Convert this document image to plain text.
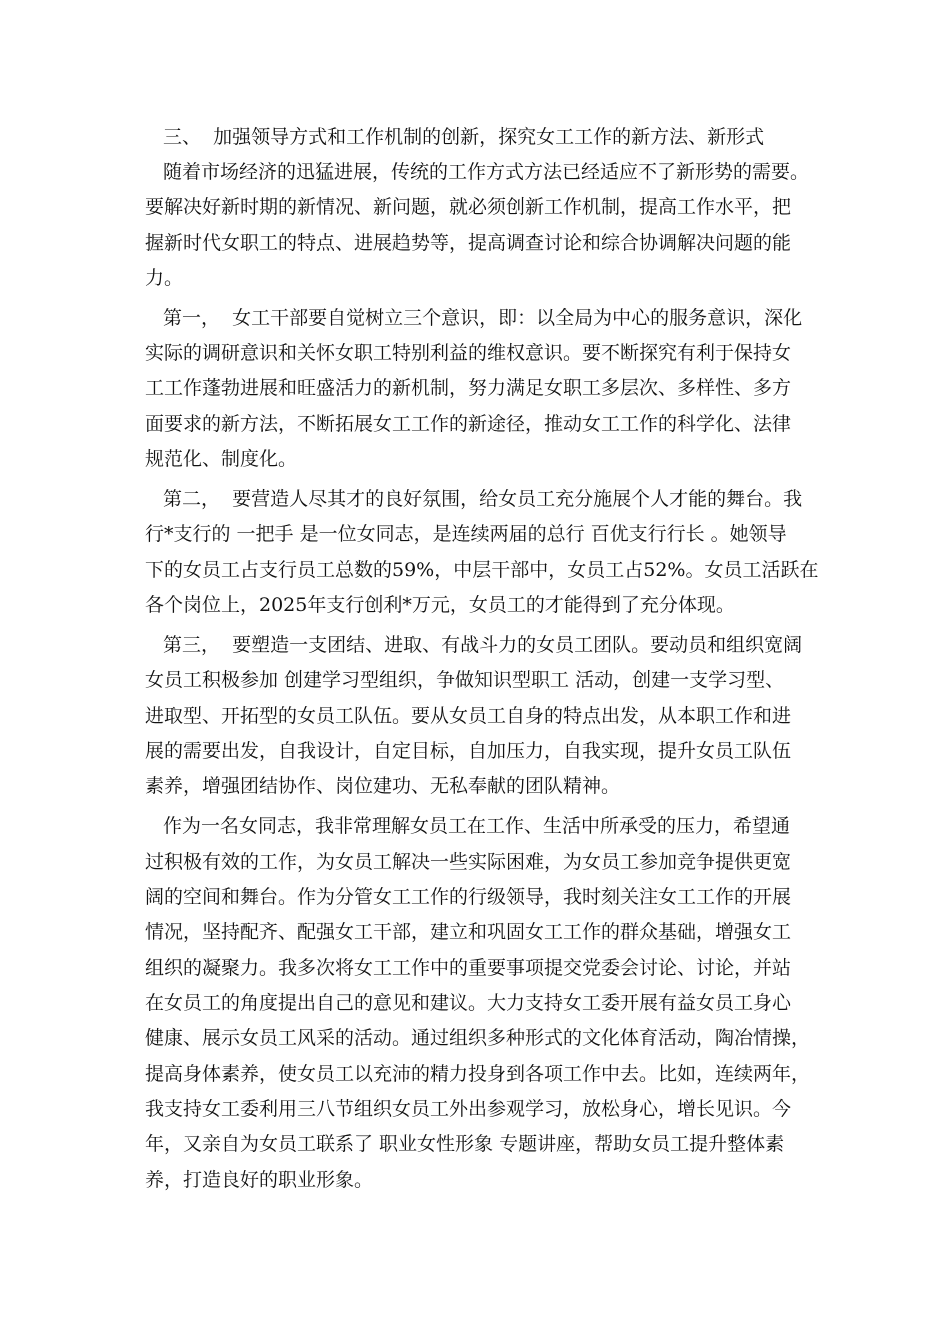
三、  加强领导方式和工作机制的创新，探究女工工作的新方法、新形式
随着市场经济的迅猛进展，传统的工作方式方法已经适应不了新形势的需要。
要解决好新时期的新情况、新问题，就必须创新工作机制，提高工作水平，把
握新时代女职工的特点、进展趋势等，提高调查讨论和综合协调解决问题的能
力。
第一，  女工干部要自觉树立三个意识，即：以全局为中心的服务意识，深化
实际的调研意识和关怀女职工特别利益的维权意识。要不断探究有利于保持女
工工作蓬勃进展和旺盛活力的新机制，努力满足女职工多层次、多样性、多方
面要求的新方法，不断拓展女工工作的新途径，推动女工工作的科学化、法律
规范化、制度化。
第二，  要营造人尽其才的良好氛围，给女员工充分施展个人才能的舞台。我
行*支行的 一把手 是一位女同志，是连续两届的总行 百优支行行长 。她领导
下的女员工占支行员工总数的59%，中层干部中，女员工占52%。女员工活跃在
各个岗位上，2025年支行创利*万元，女员工的才能得到了充分体现。
第三，  要塑造一支团结、进取、有战斗力的女员工团队。要动员和组织宽阔
女员工积极参加 创建学习型组织，争做知识型职工 活动，创建一支学习型、
进取型、开拓型的女员工队伍。要从女员工自身的特点出发，从本职工作和进
展的需要出发，自我设计，自定目标，自加压力，自我实现，提升女员工队伍
素养，增强团结协作、岗位建功、无私奉献的团队精神。
作为一名女同志，我非常理解女员工在工作、生活中所承受的压力，希望通
过积极有效的工作，为女员工解决一些实际困难，为女员工参加竞争提供更宽
阔的空间和舞台。作为分管女工工作的行级领导，我时刻关注女工工作的开展
情况，坚持配齐、配强女工干部，建立和巩固女工工作的群众基础，增强女工
组织的凝聚力。我多次将女工工作中的重要事项提交党委会讨论、讨论，并站
在女员工的角度提出自己的意见和建议。大力支持女工委开展有益女员工身心
健康、展示女员工风采的活动。通过组织多种形式的文化体育活动，陶冶情操，
提高身体素养，使女员工以充沛的精力投身到各项工作中去。比如，连续两年，
我支持女工委利用三八节组织女员工外出参观学习，放松身心，增长见识。今
年，又亲自为女员工联系了 职业女性形象 专题讲座，帮助女员工提升整体素
养，打造良好的职业形象。
